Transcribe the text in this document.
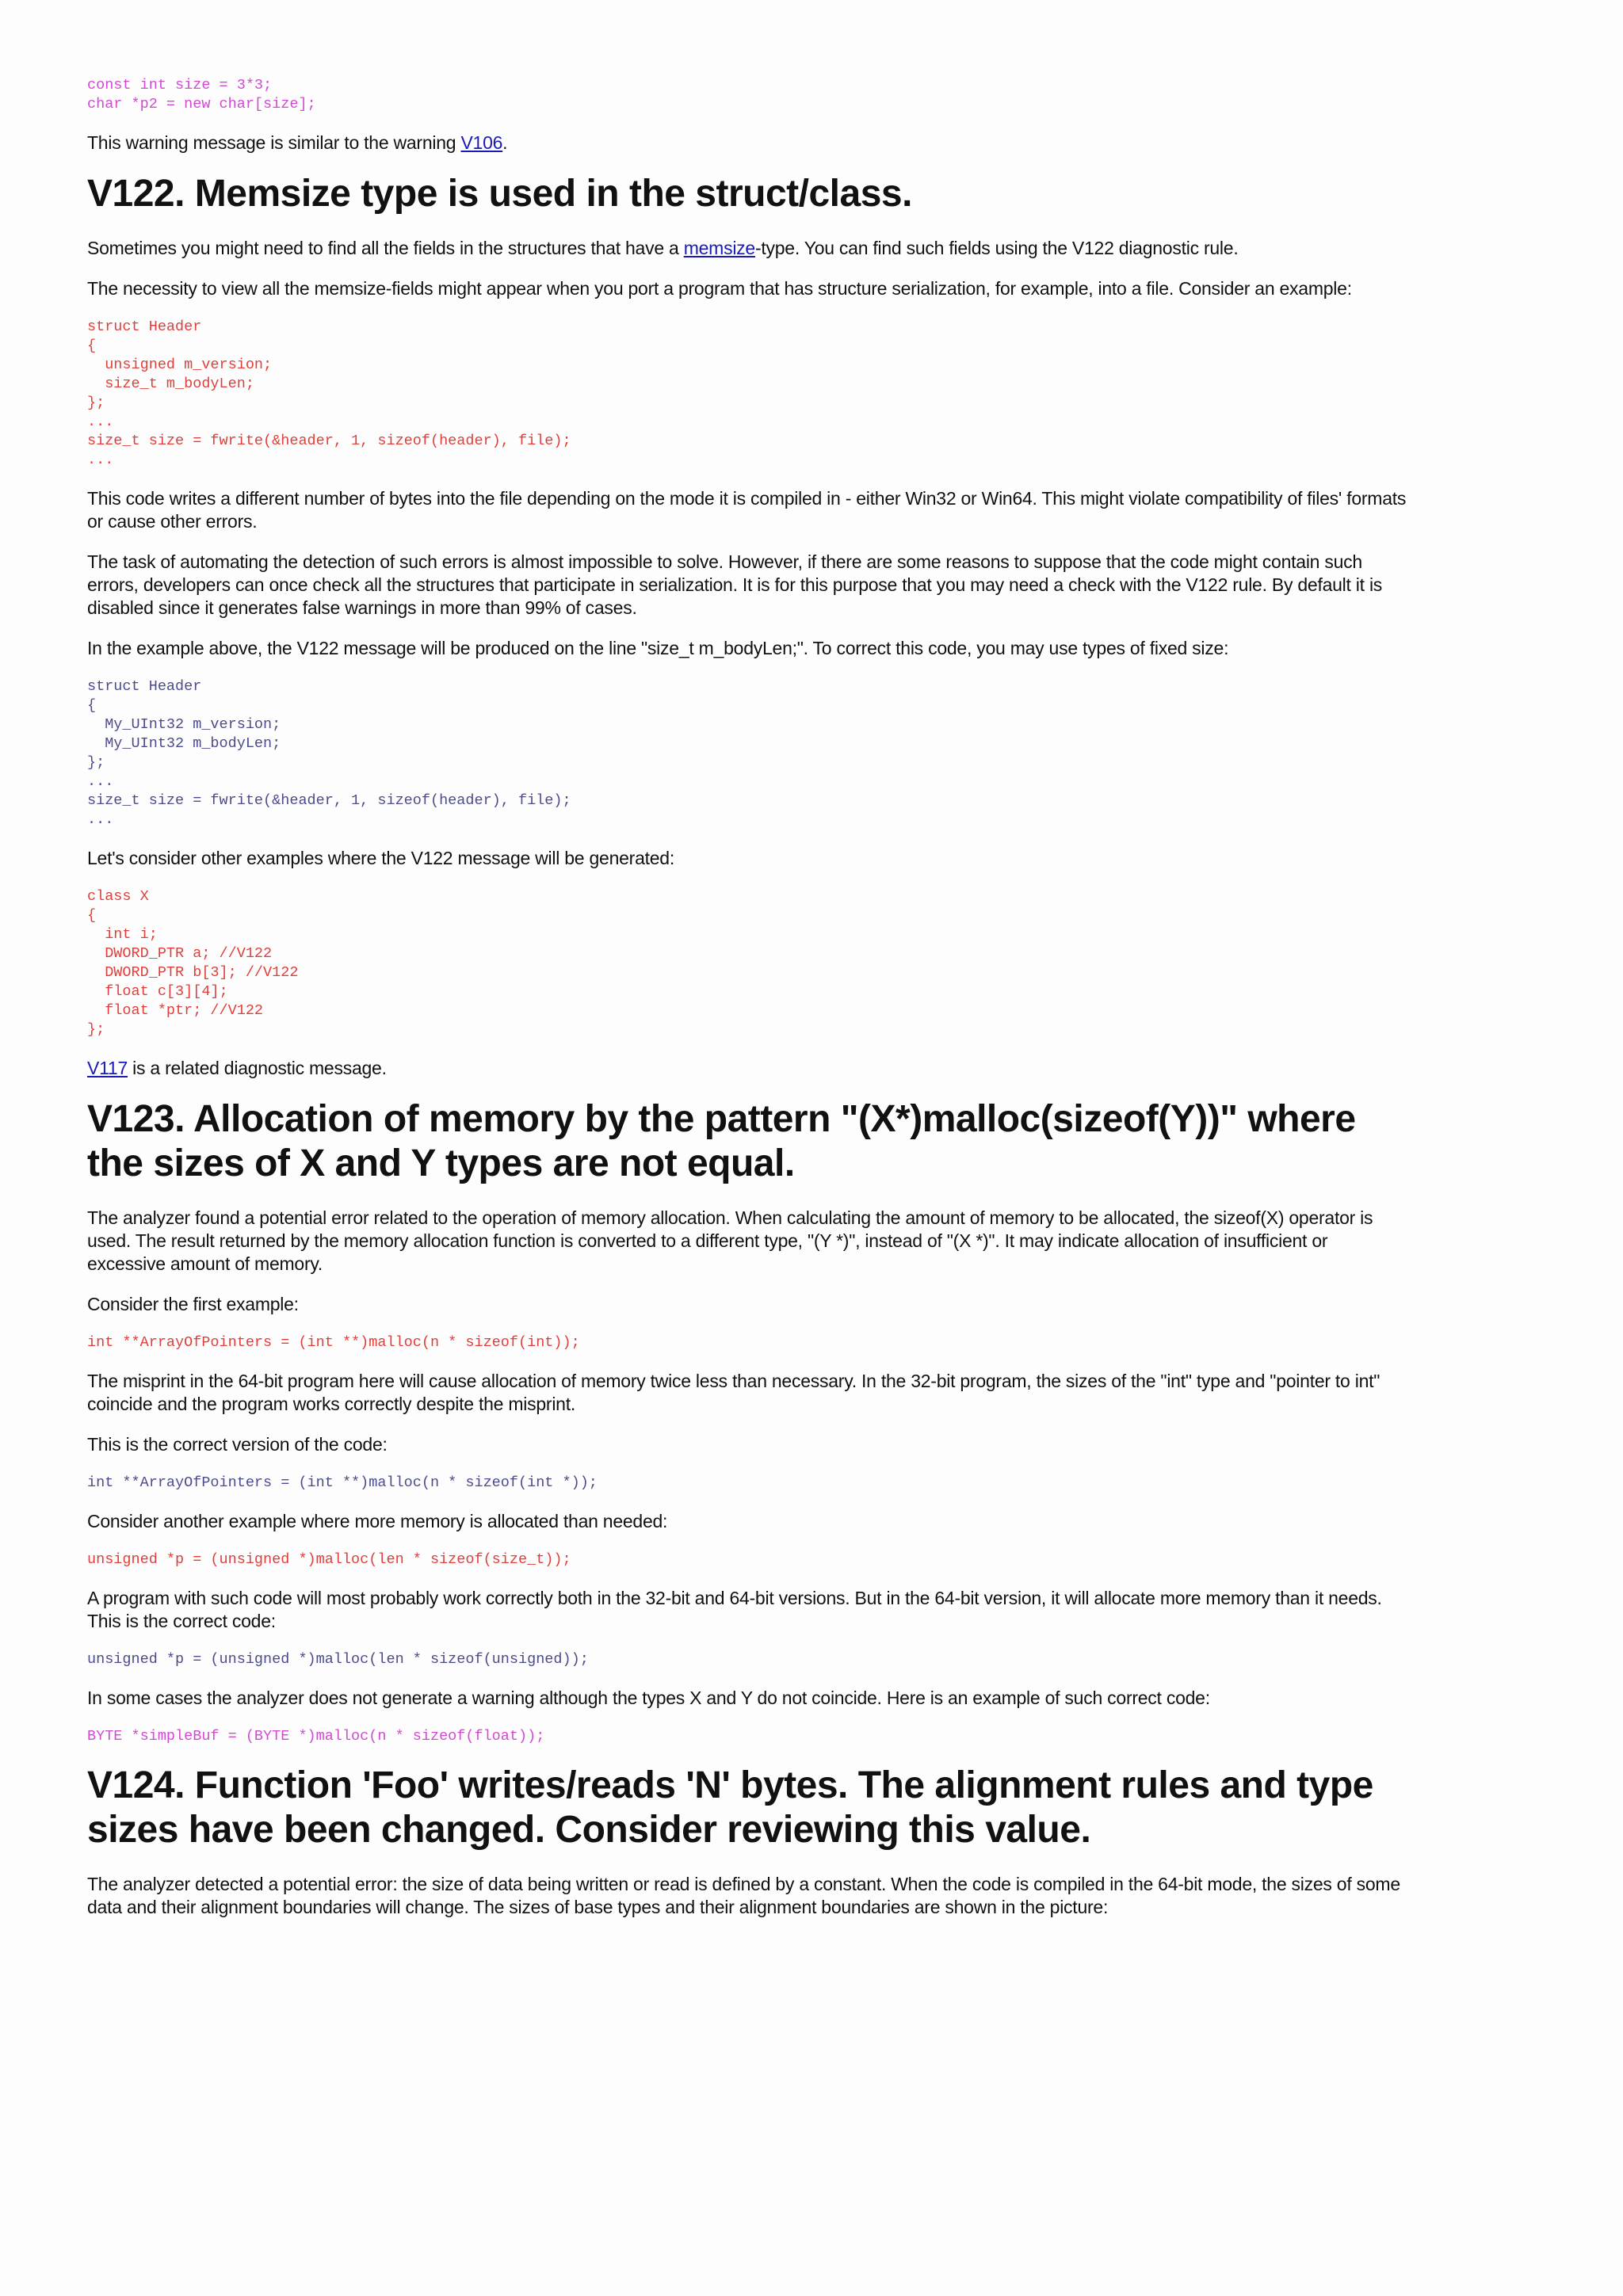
const int size = 3*3;
char *p2 = new char[size];

This warning message is similar to the warning V106.

V122. Memsize type is used in the struct/class.

Sometimes you might need to find all the fields in the structures that have a memsize-type. You can find such fields using the V122 diagnostic rule.

The necessity to view all the memsize-fields might appear when you port a program that has structure serialization, for example, into a file. Consider an example:

struct Header
{
unsigned m_version;
size_t m_bodyLen;
};
...
size_t size = fwrite(&header, 1, sizeof(header), file);
...

This code writes a different number of bytes into the file depending on the mode it is compiled in - either Win32 or Win64. This might violate compatibility of files' formats or cause other errors.

The task of automating the detection of such errors is almost impossible to solve. However, if there are some reasons to suppose that the code might contain such errors, developers can once check all the structures that participate in serialization. It is for this purpose that you may need a check with the V122 rule. By default it is disabled since it generates false warnings in more than 99% of cases.

In the example above, the V122 message will be produced on the line "size_t m_bodyLen;". To correct this code, you may use types of fixed size:

struct Header
{
My_UInt32 m_version;
My_UInt32 m_bodyLen;
};
...
size_t size = fwrite(&header, 1, sizeof(header), file);
...

Let's consider other examples where the V122 message will be generated:

class X
{
int i;
DWORD_PTR a; //V122
DWORD_PTR b[3]; //V122
float c[3][4];
float *ptr; //V122
};

V117 is a related diagnostic message.

V123. Allocation of memory by the pattern "(X*)malloc(sizeof(Y))" where the sizes of X and Y types are not equal.

The analyzer found a potential error related to the operation of memory allocation. When calculating the amount of memory to be allocated, the sizeof(X) operator is used. The result returned by the memory allocation function is converted to a different type, "(Y *)", instead of "(X *)". It may indicate allocation of insufficient or excessive amount of memory.

Consider the first example:

int **ArrayOfPointers = (int **)malloc(n * sizeof(int));

The misprint in the 64-bit program here will cause allocation of memory twice less than necessary. In the 32-bit program, the sizes of the "int" type and "pointer to int" coincide and the program works correctly despite the misprint.

This is the correct version of the code:

int **ArrayOfPointers = (int **)malloc(n * sizeof(int *));

Consider another example where more memory is allocated than needed:

unsigned *p = (unsigned *)malloc(len * sizeof(size_t));

A program with such code will most probably work correctly both in the 32-bit and 64-bit versions. But in the 64-bit version, it will allocate more memory than it needs. This is the correct code:

unsigned *p = (unsigned *)malloc(len * sizeof(unsigned));

In some cases the analyzer does not generate a warning although the types X and Y do not coincide. Here is an example of such correct code:

BYTE *simpleBuf = (BYTE *)malloc(n * sizeof(float));
V124. Function 'Foo' writes/reads 'N' bytes. The alignment rules and type sizes have been changed. Consider reviewing this value.

The analyzer detected a potential error: the size of data being written or read is defined by a constant. When the code is compiled in the 64-bit mode, the sizes of some data and their alignment boundaries will change. The sizes of base types and their alignment boundaries are shown in the picture:
